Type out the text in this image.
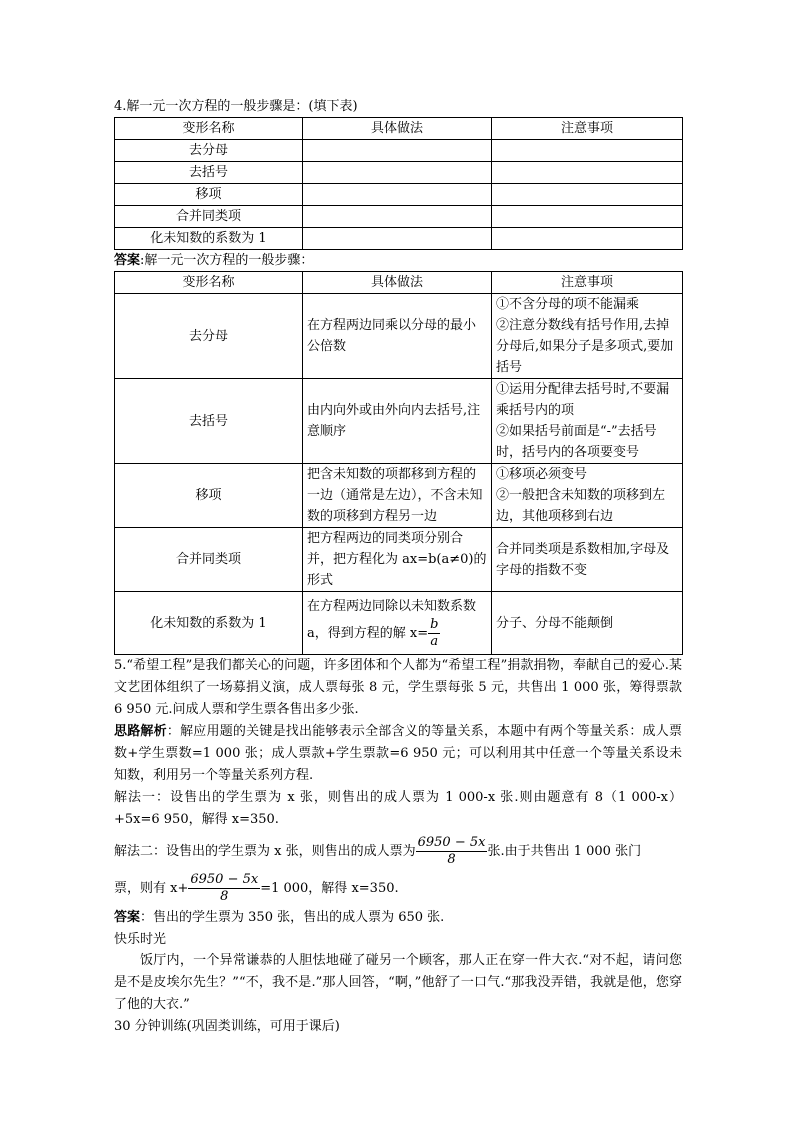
4.解一元一次方程的一般步骤是：(填下表)
变形名称	具体做法	注意事项
去分母		
去括号		
移项		
合并同类项		
化未知数的系数为 1		
答案:解一元一次方程的一般步骤：
变形名称	具体做法	注意事项
去分母	在方程两边同乘以分母的最小公倍数	①不含分母的项不能漏乘
②注意分数线有括号作用,去掉分母后,如果分子是多项式,要加括号

去括号	由内向外或由外向内去括号,注意顺序	①运用分配律去括号时,不要漏乘括号内的项
②如果括号前面是“-”去括号时，括号内的各项要变号

移项	把含未知数的项都移到方程的一边（通常是左边），不含未知数的项移到方程另一边	①移项必须变号
②一般把含未知数的项移到左边，其他项移到右边

合并同类项	把方程两边的同类项分别合并，把方程化为 ax=b(a≠0)的形式	合并同类项是系数相加,字母及字母的指数不变
化未知数的系数为 1	在方程两边同除以未知数系数 a，得到方程的解 $x= \frac{b}{a}$	分子、分母不能颠倒
5.“希望工程”是我们都关心的问题，许多团体和个人都为“希望工程”捐款捐物，奉献自己的爱心.某文艺团体组织了一场募捐义演，成人票每张 8 元，学生票每张 5 元，共售出 1 000 张，筹得票款 6 950 元.问成人票和学生票各售出多少张.
思路解析：解应用题的关键是找出能够表示全部含义的等量关系，本题中有两个等量关系：成人票数+学生票数=1 000 张；成人票款+学生票款=6 950 元；可以利用其中任意一个等量关系设未知数，利用另一个等量关系列方程.
解法一：设售出的学生票为 x 张，则售出的成人票为 1 000-x 张.则由题意有 8（1 000-x）+5x=6 950，解得 x=350.
解法二：设售出的学生票为 x 张，则售出的成人票为 $\frac{6950 - 5x}{8}$ 张.由于共售出 1 000 张门
票，则有 $x+ \frac{6950 - 5x}{8} =1$ 000，解得 x=350.
答案：售出的学生票为 350 张，售出的成人票为 650 张.
快乐时光
饭厅内，一个异常谦恭的人胆怯地碰了碰另一个顾客，那人正在穿一件大衣.“对不起，请问您是不是皮埃尔先生？”“不，我不是.”那人回答，“啊，”他舒了一口气.“那我没弄错，我就是他，您穿了他的大衣.”
30 分钟训练(巩固类训练，可用于课后)
